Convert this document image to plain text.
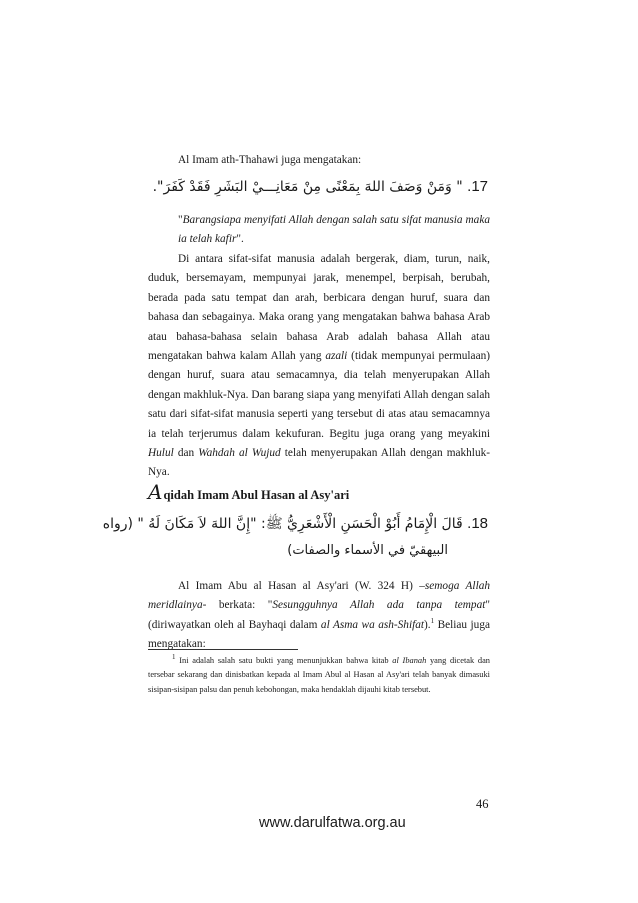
Al Imam ath-Thahawi juga mengatakan:

17. " وَمَنْ وَصَفَ اللهَ بِمَعْنًى مِنْ مَعَانِـــيْ البَشَرِ فَقَدْ كَفَرَ".

"Barangsiapa menyifati Allah dengan salah satu sifat manusia maka ia telah kafir".

Di antara sifat-sifat manusia adalah bergerak, diam, turun, naik, duduk, bersemayam, mempunyai jarak, menempel, berpisah, berubah, berada pada satu tempat dan arah, berbicara dengan huruf, suara dan bahasa dan sebagainya. Maka orang yang mengatakan bahwa bahasa Arab atau bahasa-bahasa selain bahasa Arab adalah bahasa Allah atau mengatakan bahwa kalam Allah yang azali (tidak mempunyai permulaan) dengan huruf, suara atau semacamnya, dia telah menyerupakan Allah dengan makhluk-Nya. Dan barang siapa yang menyifati Allah dengan salah satu dari sifat-sifat manusia seperti yang tersebut di atas atau semacamnya ia telah terjerumus dalam kekufuran. Begitu juga orang yang meyakini Hulul dan Wahdah al Wujud telah menyerupakan Allah dengan makhluk-Nya.

Aqidah Imam Abul Hasan al Asy'ari
18. قَالَ الْإِمَامُ أَبُوْ الْحَسَنِ الْأَشْعَرِيُّ ﷺ: "إِنَّ اللهَ لاَ مَكَانَ لَهُ " (رواه
البيهقيّ في الأسماء والصفات)

Al Imam Abu al Hasan al Asy'ari (W. 324 H) –semoga Allah meridlainya- berkata: "Sesungguhnya Allah ada tanpa tempat" (diriwayatkan oleh al Bayhaqi dalam al Asma wa ash-Shifat).$^1$ Beliau juga mengatakan:

$^1$ Ini adalah salah satu bukti yang menunjukkan bahwa kitab al Ibanah yang dicetak dan tersebar sekarang dan dinisbatkan kepada al Imam Abul al Hasan al Asy'ari telah banyak dimasuki sisipan-sisipan palsu dan penuh kebohongan, maka hendaklah dijauhi kitab tersebut.

46
www.darulfatwa.org.au
